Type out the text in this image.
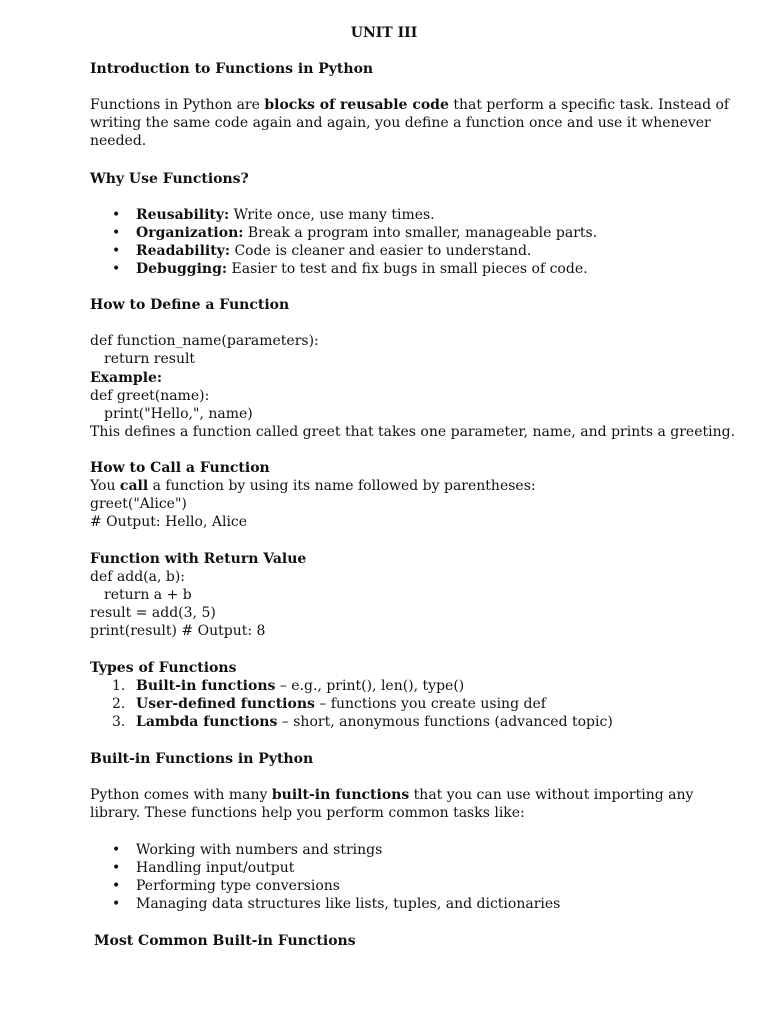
UNIT III
Introduction to Functions in Python
Functions in Python are blocks of reusable code that perform a specific task. Instead of
writing the same code again and again, you define a function once and use it whenever
needed.
Why Use Functions?
• Reusability: Write once, use many times.
• Organization: Break a program into smaller, manageable parts.
• Readability: Code is cleaner and easier to understand.
• Debugging: Easier to test and fix bugs in small pieces of code.
How to Define a Function
def function_name(parameters):
return result
Example:
def greet(name):
print("Hello,", name)
This defines a function called greet that takes one parameter, name, and prints a greeting.
How to Call a Function
You call a function by using its name followed by parentheses:
greet("Alice")
# Output: Hello, Alice
Function with Return Value
def add(a, b):
return a + b
result = add(3, 5)
print(result) # Output: 8
Types of Functions
1. Built-in functions – e.g., print(), len(), type()
2. User-defined functions – functions you create using def
3. Lambda functions – short, anonymous functions (advanced topic)
Built-in Functions in Python
Python comes with many built-in functions that you can use without importing any
library. These functions help you perform common tasks like:
• Working with numbers and strings
• Handling input/output
• Performing type conversions
• Managing data structures like lists, tuples, and dictionaries
Most Common Built-in Functions
